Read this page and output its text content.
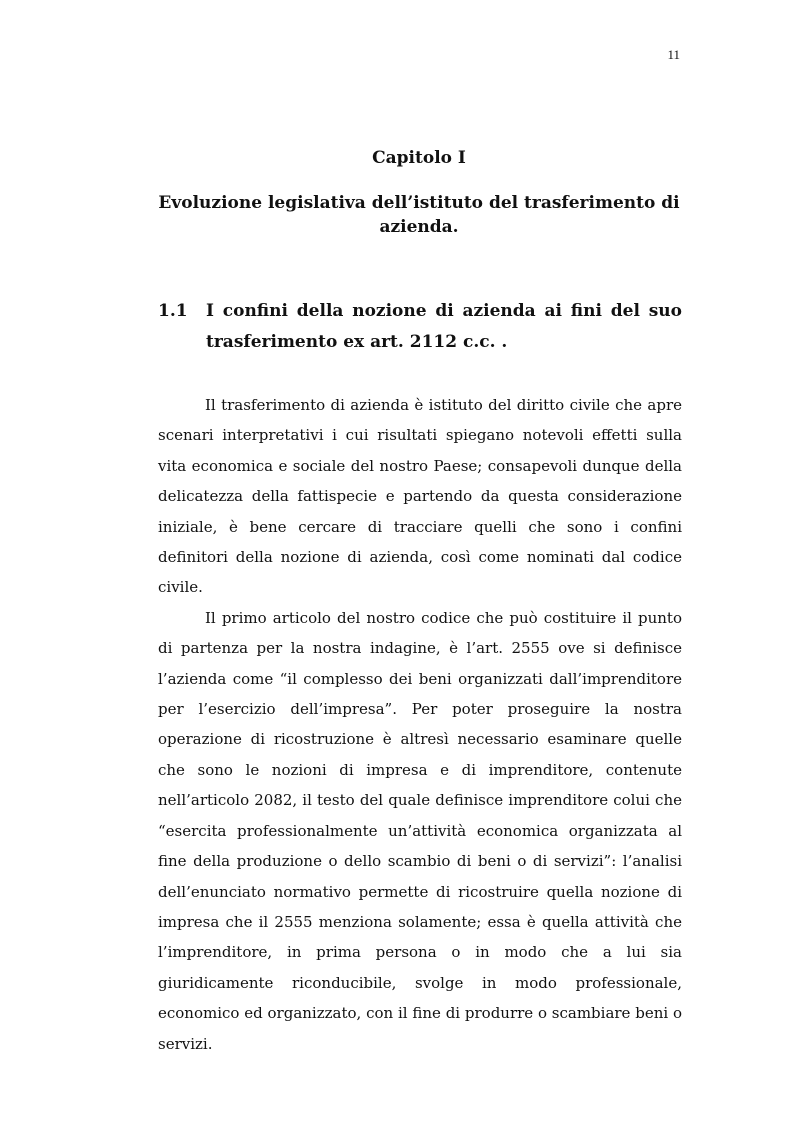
11
Capitolo I
Evoluzione legislativa dell’istituto del trasferimento di azienda.
1.1 I confini della nozione di azienda ai fini del suo trasferimento ex art. 2112 c.c. .

Il trasferimento di azienda è istituto del diritto civile che apre scenari interpretativi i cui risultati spiegano notevoli effetti sulla vita economica e sociale del nostro Paese; consapevoli dunque della delicatezza della fattispecie e partendo da questa considerazione iniziale, è bene cercare di tracciare quelli che sono i confini definitori della nozione di azienda, così come nominati dal codice civile.

Il primo articolo del nostro codice che può costituire il punto di partenza per la nostra indagine, è l’art. 2555 ove si definisce l’azienda come “il complesso dei beni organizzati dall’imprenditore per l’esercizio dell’impresa”. Per poter proseguire la nostra operazione di ricostruzione è altresì necessario esaminare quelle che sono le nozioni di impresa e di imprenditore, contenute nell’articolo 2082, il testo del quale definisce imprenditore colui che “esercita professionalmente un’attività economica organizzata al fine della produzione o dello scambio di beni o di servizi”: l’analisi dell’enunciato normativo permette di ricostruire quella nozione di impresa che il 2555 menziona solamente; essa è quella attività che l’imprenditore, in prima persona o in modo che a lui sia giuridicamente riconducibile, svolge in modo professionale, economico ed organizzato, con il fine di produrre o scambiare beni o servizi.
